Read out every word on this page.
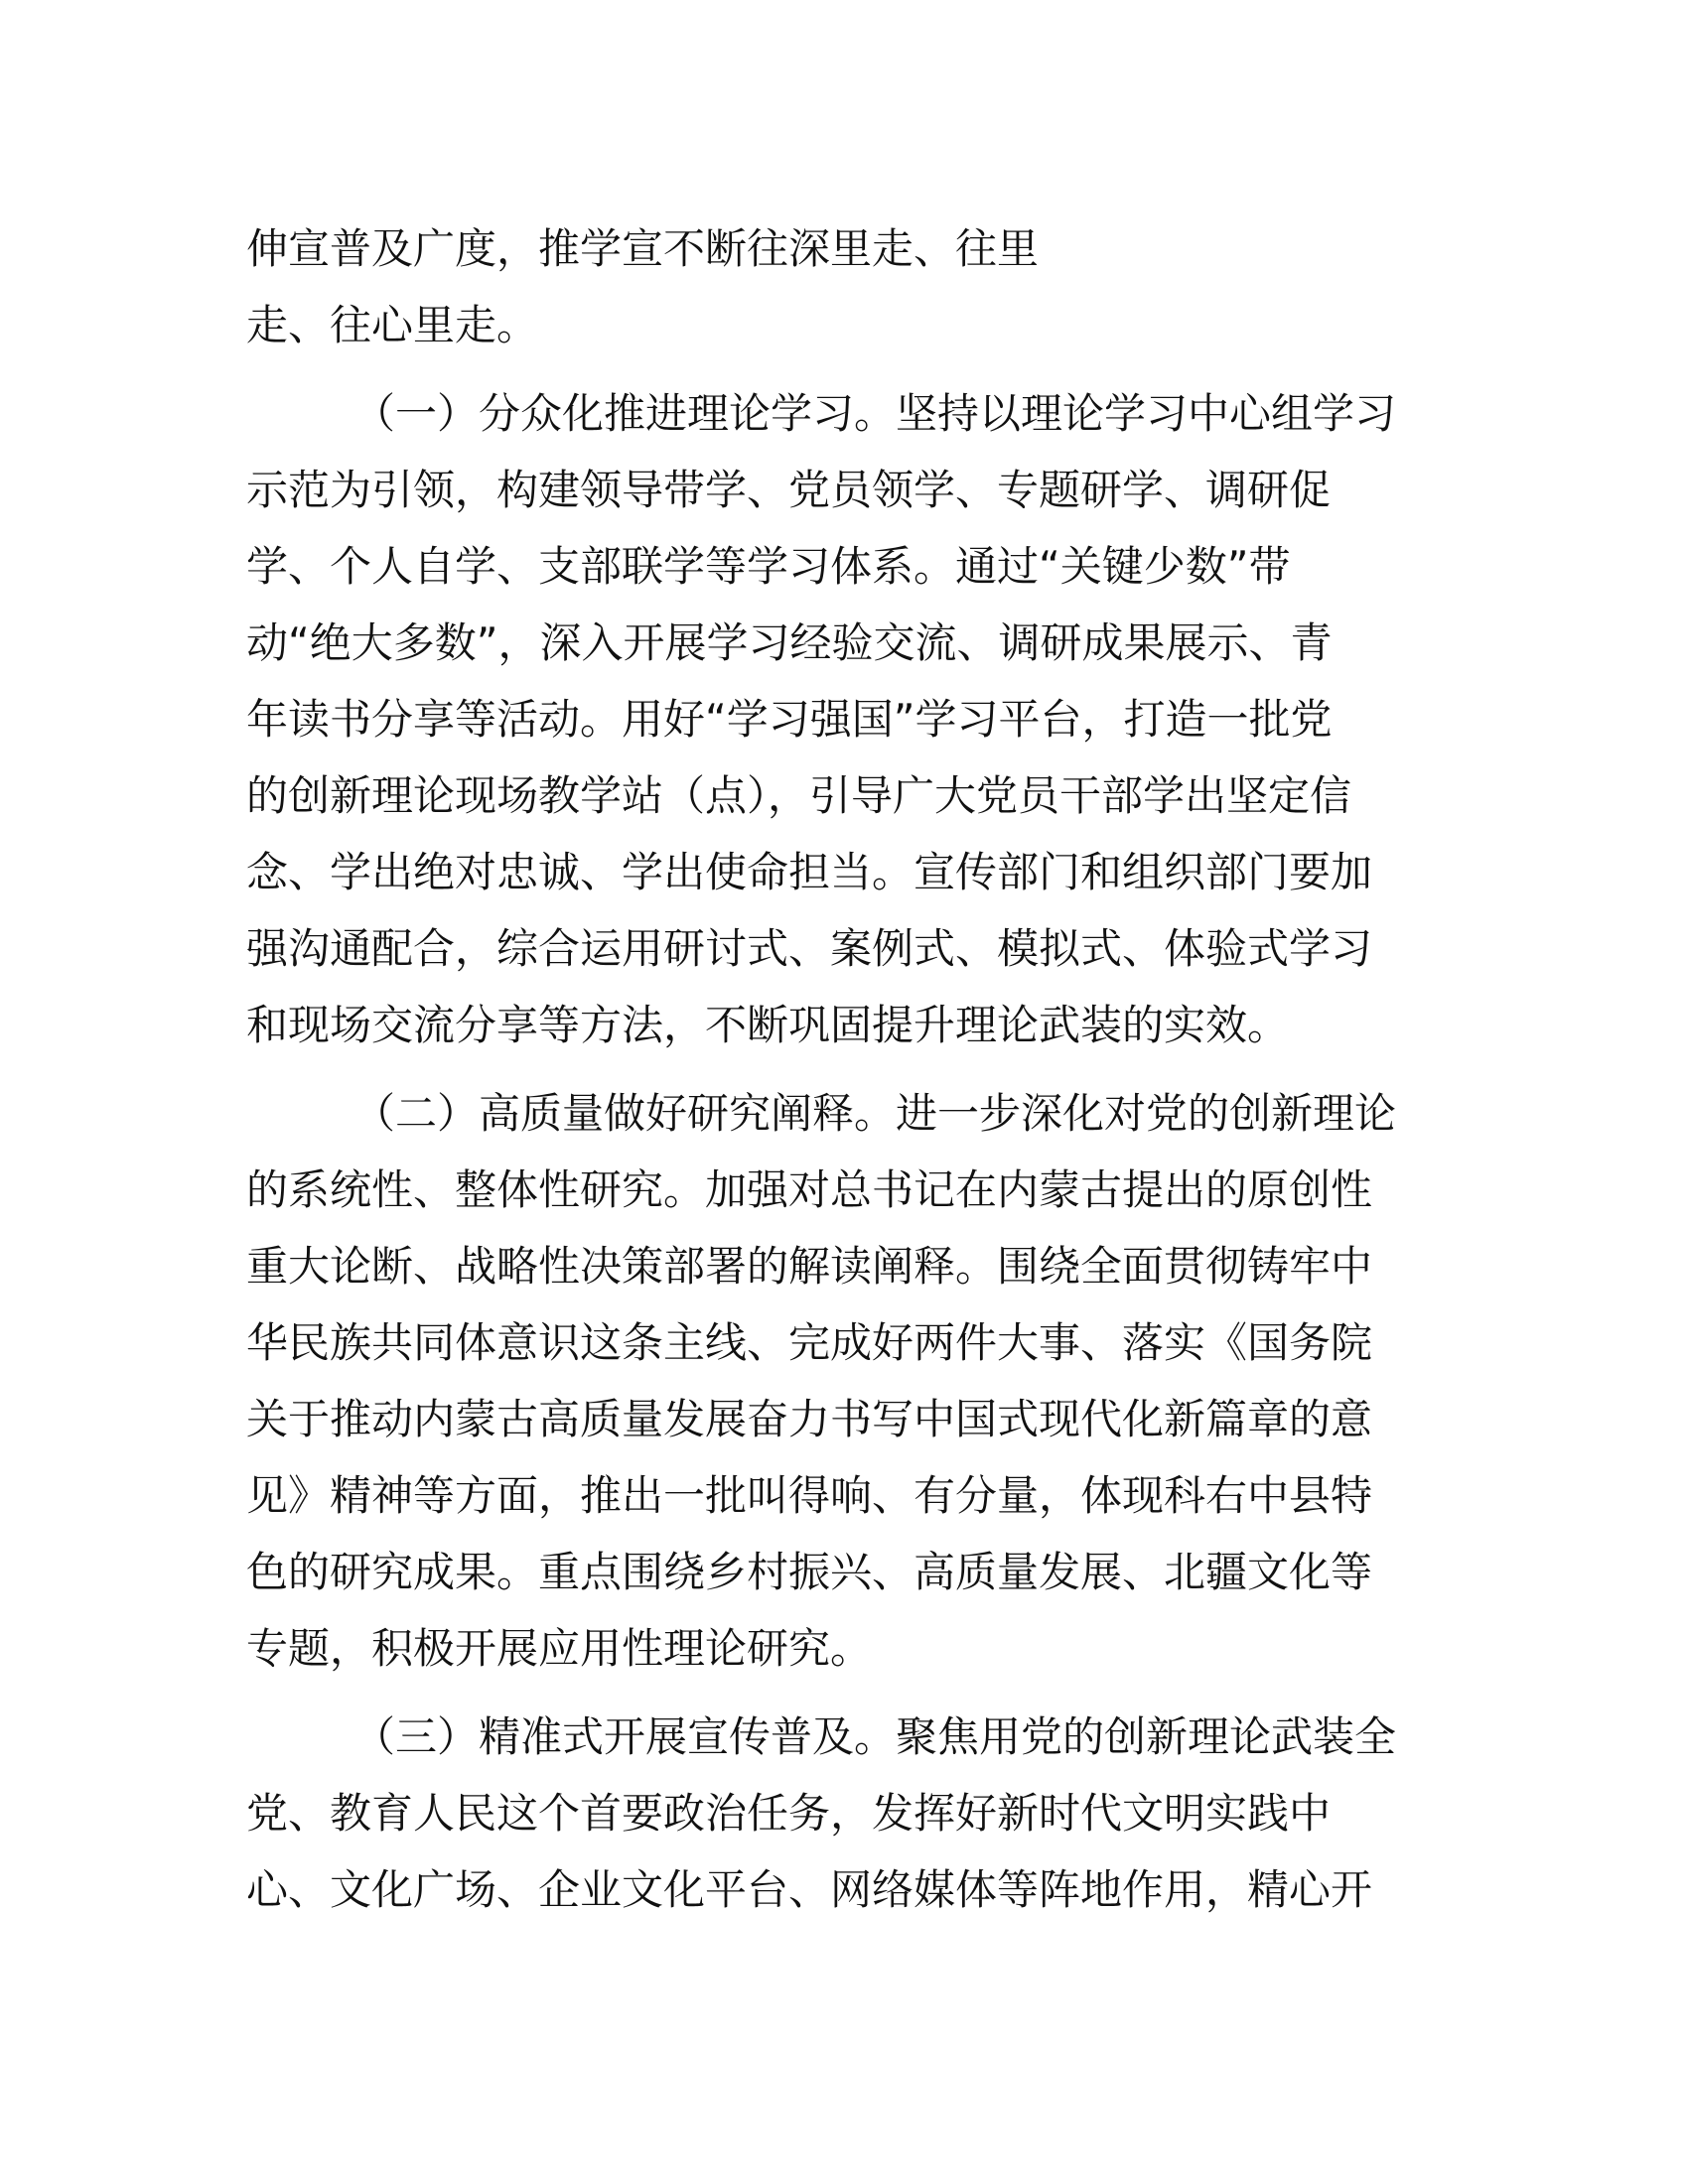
伸宣普及广度，推学宣不断往深里走、往里
走、往心里走。
（一）分众化推进理论学习。坚持以理论学习中心组学习
示范为引领，构建领导带学、党员领学、专题研学、调研促
学、个人自学、支部联学等学习体系。通过“关键少数”带
动“绝大多数”，深入开展学习经验交流、调研成果展示、青
年读书分享等活动。用好“学习强国”学习平台，打造一批党
的创新理论现场教学站（点），引导广大党员干部学出坚定信
念、学出绝对忠诚、学出使命担当。宣传部门和组织部门要加
强沟通配合，综合运用研讨式、案例式、模拟式、体验式学习
和现场交流分享等方法，不断巩固提升理论武装的实效。
（二）高质量做好研究阐释。进一步深化对党的创新理论
的系统性、整体性研究。加强对总书记在内蒙古提出的原创性
重大论断、战略性决策部署的解读阐释。围绕全面贯彻铸牢中
华民族共同体意识这条主线、完成好两件大事、落实《国务院
关于推动内蒙古高质量发展奋力书写中国式现代化新篇章的意
见》精神等方面，推出一批叫得响、有分量，体现科右中县特
色的研究成果。重点围绕乡村振兴、高质量发展、北疆文化等
专题，积极开展应用性理论研究。
（三）精准式开展宣传普及。聚焦用党的创新理论武装全
党、教育人民这个首要政治任务，发挥好新时代文明实践中
心、文化广场、企业文化平台、网络媒体等阵地作用，精心开
